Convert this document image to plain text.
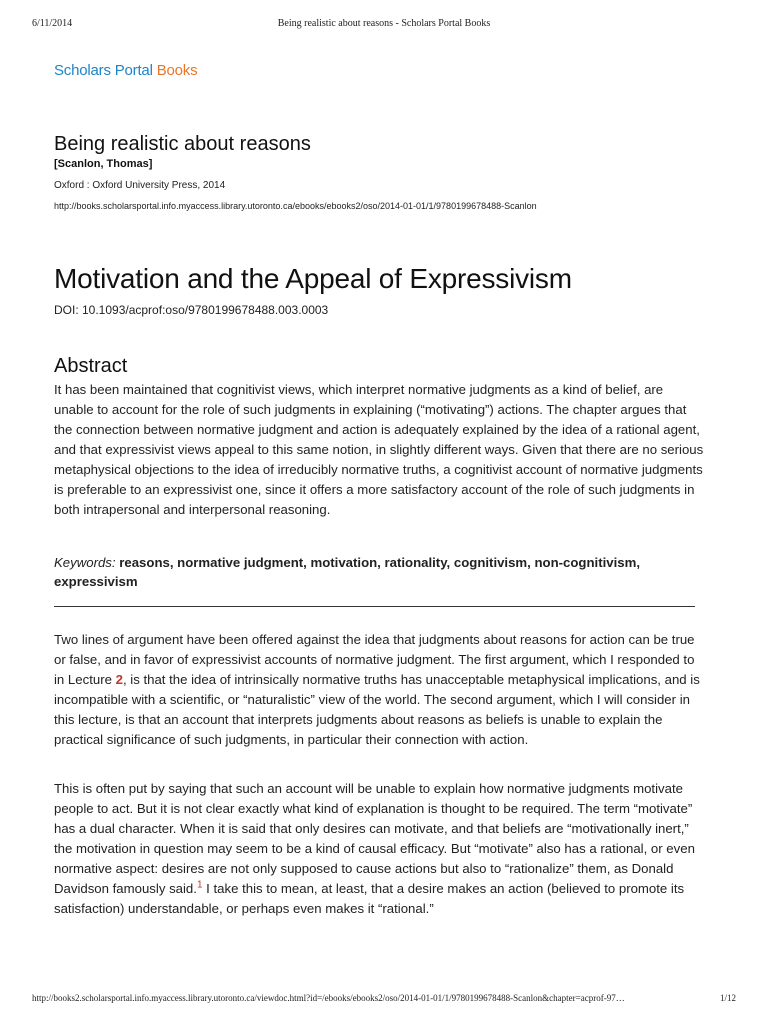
6/11/2014	Being realistic about reasons - Scholars Portal Books
Scholars Portal Books
Being realistic about reasons
[Scanlon, Thomas]
Oxford : Oxford University Press, 2014
http://books.scholarsportal.info.myaccess.library.utoronto.ca/ebooks/ebooks2/oso/2014-01-01/1/9780199678488-Scanlon
Motivation and the Appeal of Expressivism
DOI: 10.1093/acprof:oso/9780199678488.003.0003
Abstract

It has been maintained that cognitivist views, which interpret normative judgments as a kind of belief, are unable to account for the role of such judgments in explaining (“motivating”) actions. The chapter argues that the connection between normative judgment and action is adequately explained by the idea of a rational agent, and that expressivist views appeal to this same notion, in slightly different ways. Given that there are no serious metaphysical objections to the idea of irreducibly normative truths, a cognitivist account of normative judgments is preferable to an expressivist one, since it offers a more satisfactory account of the role of such judgments in both intrapersonal and interpersonal reasoning.

Keywords: reasons, normative judgment, motivation, rationality, cognitivism, non-cognitivism, expressivism

Two lines of argument have been offered against the idea that judgments about reasons for action can be true or false, and in favor of expressivist accounts of normative judgment. The first argument, which I responded to in Lecture 2, is that the idea of intrinsically normative truths has unacceptable metaphysical implications, and is incompatible with a scientific, or “naturalistic” view of the world. The second argument, which I will consider in this lecture, is that an account that interprets judgments about reasons as beliefs is unable to explain the practical significance of such judgments, in particular their connection with action.

This is often put by saying that such an account will be unable to explain how normative judgments motivate people to act. But it is not clear exactly what kind of explanation is thought to be required. The term “motivate” has a dual character. When it is said that only desires can motivate, and that beliefs are “motivationally inert,” the motivation in question may seem to be a kind of causal efficacy. But “motivate” also has a rational, or even normative aspect: desires are not only supposed to cause actions but also to “rationalize” them, as Donald Davidson famously said.$^1$ I take this to mean, at least, that a desire makes an action (believed to promote its satisfaction) understandable, or perhaps even makes it “rational.”

http://books2.scholarsportal.info.myaccess.library.utoronto.ca/viewdoc.html?id=/ebooks/ebooks2/oso/2014-01-01/1/9780199678488-Scanlon&chapter=acprof-97…	1/12
